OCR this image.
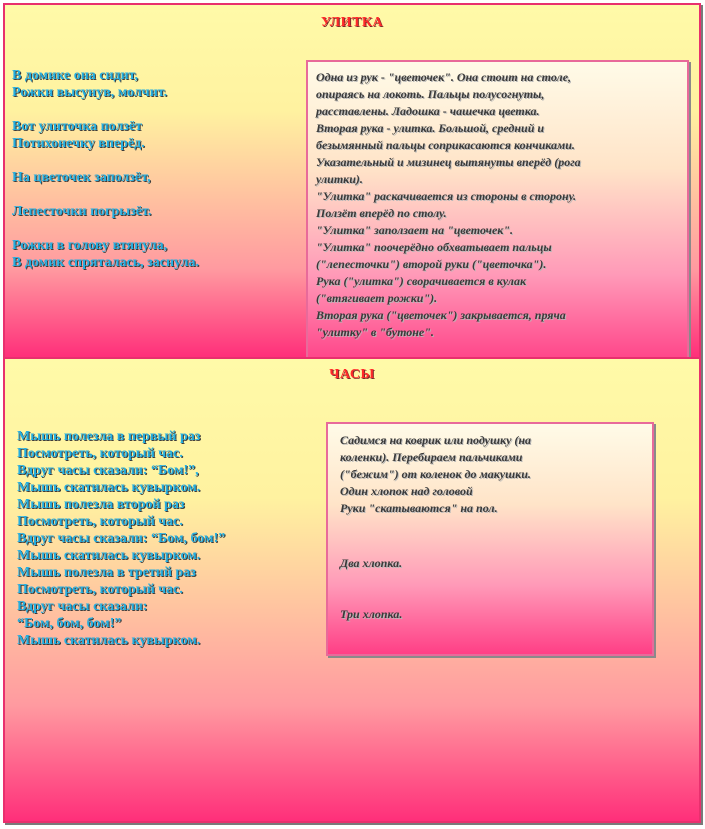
УЛИТКА
В домике она сидит,
Рожки высунув, молчит.
Вот улиточка ползёт
Потихонечку вперёд.
На цветочек заползёт,
Лепесточки погрызёт.
Рожки в голову втянула,
В домик спряталась, заснула.
Одна из рук - "цветочек". Она стоит на столе,
опираясь на локоть. Пальцы полусогнуты,
расставлены. Ладошка - чашечка цветка.
Вторая рука - улитка. Большой, средний и
безымянный пальцы соприкасаются кончиками.
Указательный и мизинец вытянуты вперёд (рога
улитки).
"Улитка" раскачивается из стороны в сторону.
Ползёт вперёд по столу.
"Улитка" заползает на "цветочек".
"Улитка" поочерёдно обхватывает пальцы
("лепесточки") второй руки ("цветочка").
Рука ("улитка") сворачивается в кулак
("втягивает рожки").
Вторая рука ("цветочек") закрывается, пряча
"улитку" в "бутоне".
ЧАСЫ
Мышь полезла в первый раз
Посмотреть, который час.
Вдруг часы сказали: “Бом!”,
Мышь скатилась кувырком.
Мышь полезла второй раз
Посмотреть, который час.
Вдруг часы сказали: “Бом, бом!”
Мышь скатилась кувырком.
Мышь полезла в третий раз
Посмотреть, который час.
Вдруг часы сказали:
“Бом, бом, бом!”
Мышь скатилась кувырком.
Садимся на коврик или подушку (на
коленки). Перебираем пальчиками
("бежим") от коленок до макушки.
Один хлопок над головой
Руки "скатываются" на пол.
Два хлопка.
Три хлопка.
